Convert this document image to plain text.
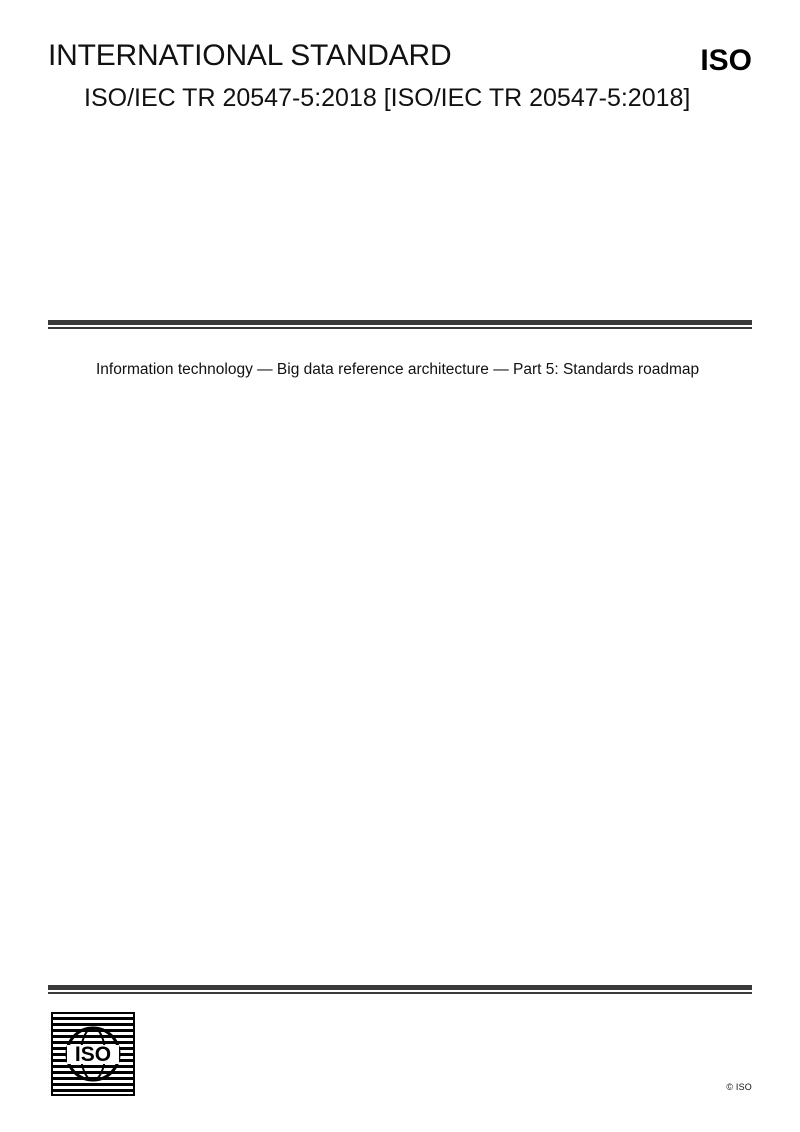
INTERNATIONAL STANDARD	ISO
ISO/IEC TR 20547-5:2018 [ISO/IEC TR 20547-5:2018]
Information technology — Big data reference architecture — Part 5: Standards roadmap
ISO
© ISO
